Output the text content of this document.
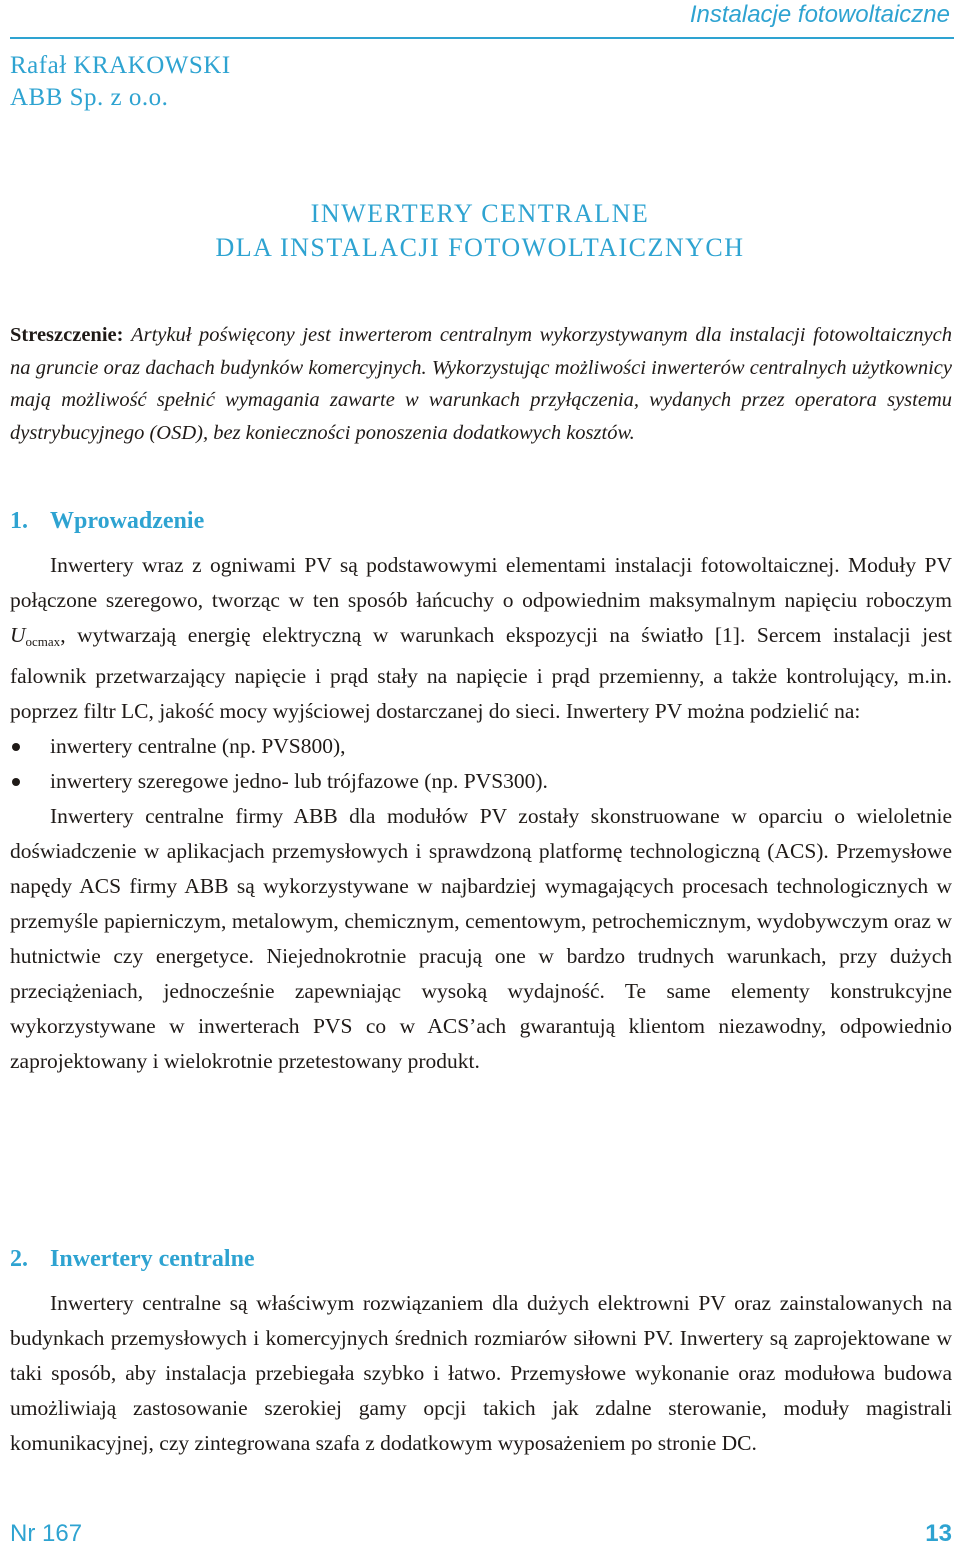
Instalacje fotowoltaiczne
Rafał KRAKOWSKI
ABB Sp. z o.o.
INWERTERY CENTRALNE
DLA INSTALACJI FOTOWOLTAICZNYCH

Streszczenie: Artykuł poświęcony jest inwerterom centralnym wykorzystywanym dla instalacji fotowoltaicznych na gruncie oraz dachach budynków komercyjnych. Wykorzystując możliwości inwerterów centralnych użytkownicy mają możliwość spełnić wymagania zawarte w warunkach przyłączenia, wydanych przez operatora systemu dystrybucyjnego (OSD), bez konieczności ponoszenia dodatkowych kosztów.

1. Wprowadzenie

Inwertery wraz z ogniwami PV są podstawowymi elementami instalacji fotowoltaicznej. Moduły PV połączone szeregowo, tworząc w ten sposób łańcuchy o odpowiednim maksymalnym napięciu roboczym $U_{ocmax}$, wytwarzają energię elektryczną w warunkach ekspozycji na światło [1]. Sercem instalacji jest falownik przetwarzający napięcie i prąd stały na napięcie i prąd przemienny, a także kontrolujący, m.in. poprzez filtr LC, jakość mocy wyjściowej dostarczanej do sieci. Inwertery PV można podzielić na:

inwertery centralne (np. PVS800),
inwertery szeregowe jedno- lub trójfazowe (np. PVS300).

Inwertery centralne firmy ABB dla modułów PV zostały skonstruowane w oparciu o wieloletnie doświadczenie w aplikacjach przemysłowych i sprawdzoną platformę technologiczną (ACS). Przemysłowe napędy ACS firmy ABB są wykorzystywane w najbardziej wymagających procesach technologicznych w przemyśle papierniczym, metalowym, chemicznym, cementowym, petrochemicznym, wydobywczym oraz w hutnictwie czy energetyce. Niejednokrotnie pracują one w bardzo trudnych warunkach, przy dużych przeciążeniach, jednocześnie zapewniając wysoką wydajność. Te same elementy konstrukcyjne wykorzystywane w inwerterach PVS co w ACS’ach gwarantują klientom niezawodny, odpowiednio zaprojektowany i wielokrotnie przetestowany produkt.

2. Inwertery centralne

Inwertery centralne są właściwym rozwiązaniem dla dużych elektrowni PV oraz zainstalowanych na budynkach przemysłowych i komercyjnych średnich rozmiarów siłowni PV. Inwertery są zaprojektowane w taki sposób, aby instalacja przebiegała szybko i łatwo. Przemysłowe wykonanie oraz modułowa budowa umożliwiają zastosowanie szerokiej gamy opcji takich jak zdalne sterowanie, moduły magistrali komunikacyjnej, czy zintegrowana szafa z dodatkowym wyposażeniem po stronie DC.

Nr 167	13
